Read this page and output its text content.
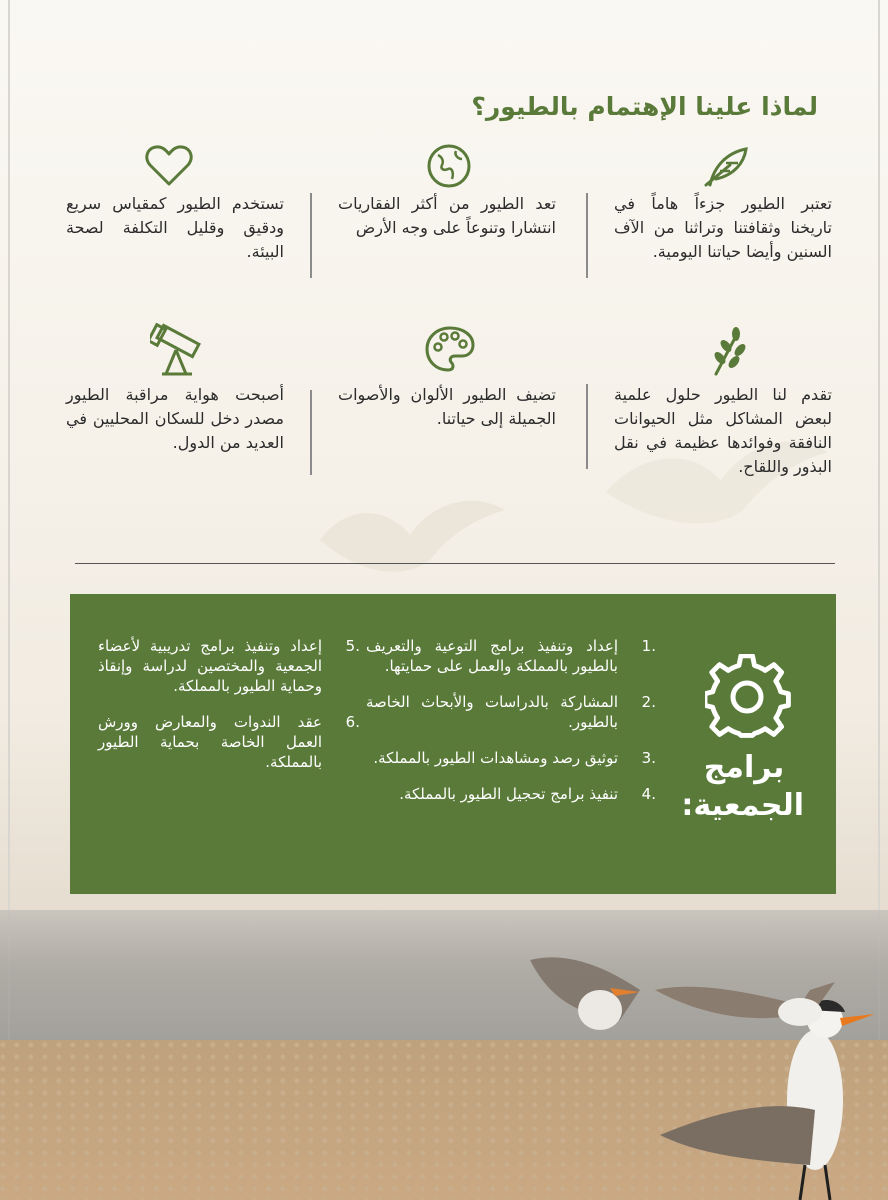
لماذا علينا الإهتمام بالطيور؟
تعتبر الطيور جزءاً هاماً في تاريخنا وثقافتنا وتراثنا من الآف السنين وأيضا حياتنا اليومية.
تعد الطيور من أكثر الفقاريات انتشارا وتنوعاً على وجه الأرض
تستخدم الطيور كمقياس سريع ودقيق وقليل التكلفة لصحة البيئة.
تقدم لنا الطيور حلول علمية لبعض المشاكل مثل الحيوانات النافقة وفوائدها عظيمة في نقل البذور واللقاح.
تضيف الطيور الألوان والأصوات الجميلة إلى حياتنا.
أصبحت هواية مراقبة الطيور مصدر دخل للسكان المحليين في العديد من الدول.
برامج الجمعية:
.1
إعداد وتنفيذ برامج التوعية والتعريف بالطيور بالمملكة والعمل على حمايتها.
.2
المشاركة بالدراسات والأبحاث الخاصة بالطيور.
.3
توثيق رصد ومشاهدات الطيور بالمملكة.
.4
تنفيذ برامج تحجيل الطيور بالمملكة.
.5
إعداد وتنفيذ برامج تدريبية لأعضاء الجمعية والمختصين لدراسة وإنقاذ وحماية الطيور بالمملكة.
.6
عقد الندوات والمعارض وورش العمل الخاصة بحماية الطيور بالمملكة.
